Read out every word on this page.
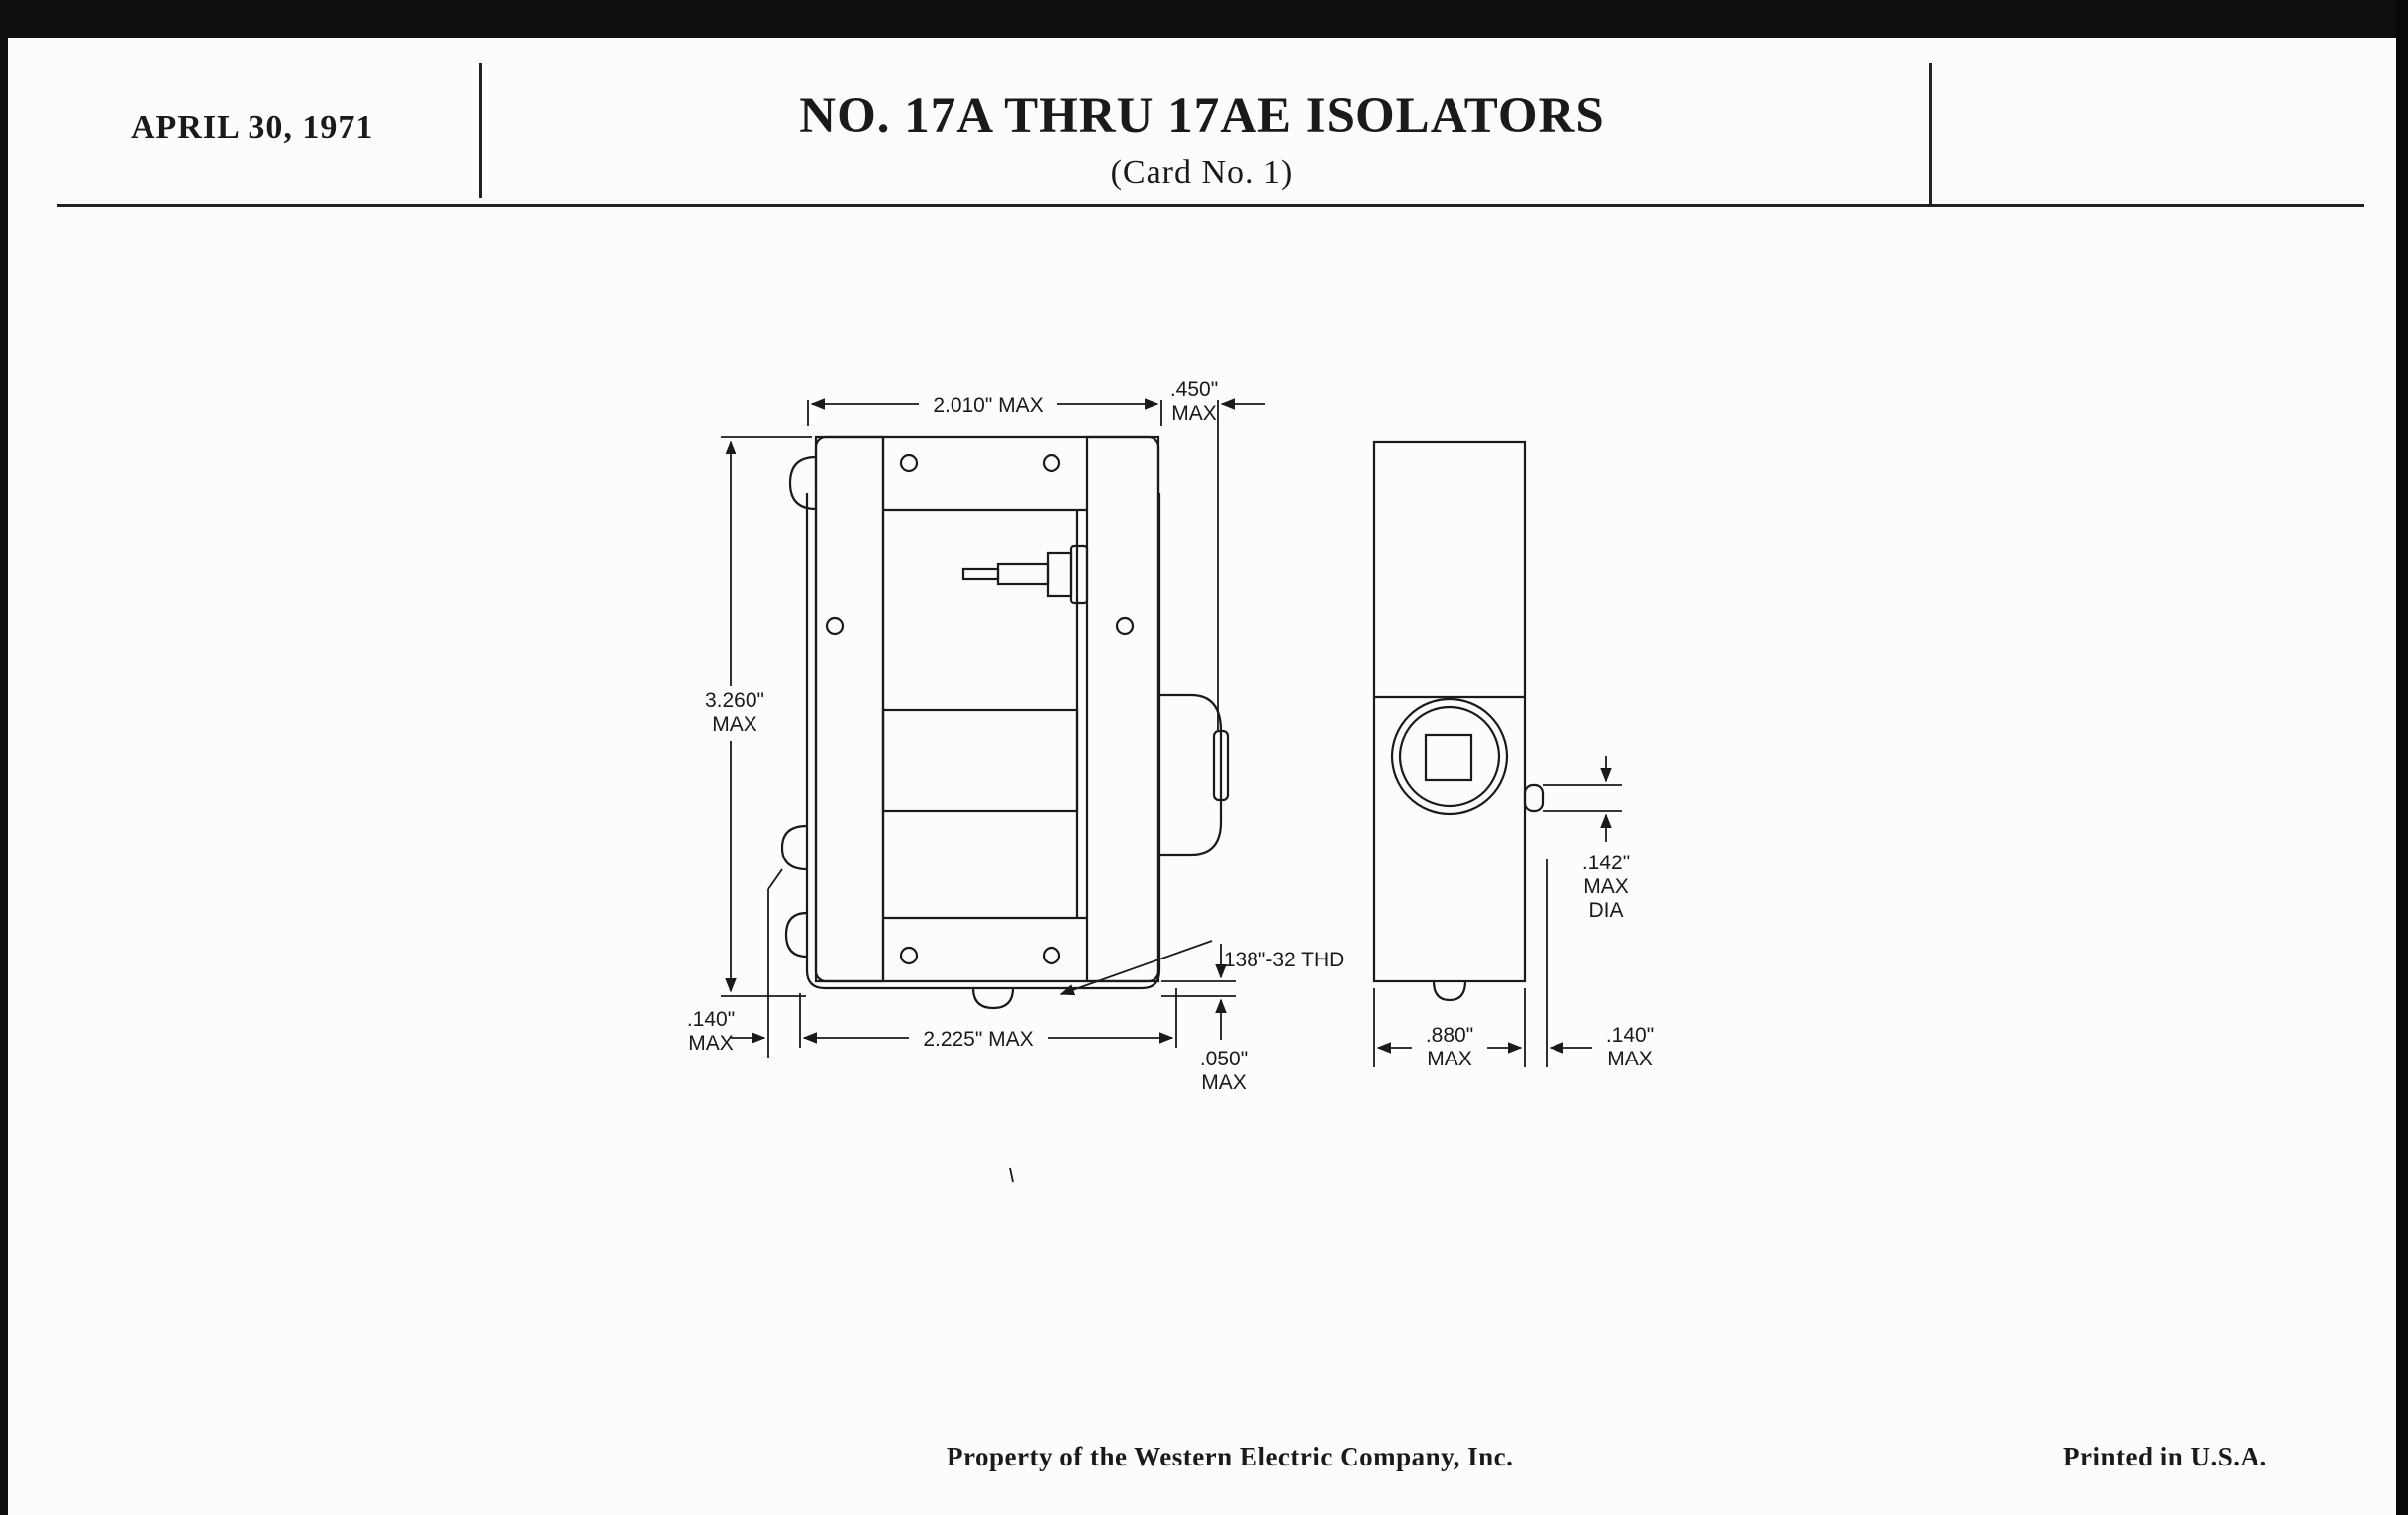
APRIL 30, 1971	NO. 17A THRU 17AE ISOLATORS
(Card No. 1)
2.010" MAX
.450"
MAX
3.260"
MAX
.140"
MAX	2.225" MAX
.050"
MAX
.880"
MAX
.140"
MAX
.142"
MAX
DIA
.138"-32 THD
Property of the Western Electric Company, Inc.	Printed in U.S.A.
